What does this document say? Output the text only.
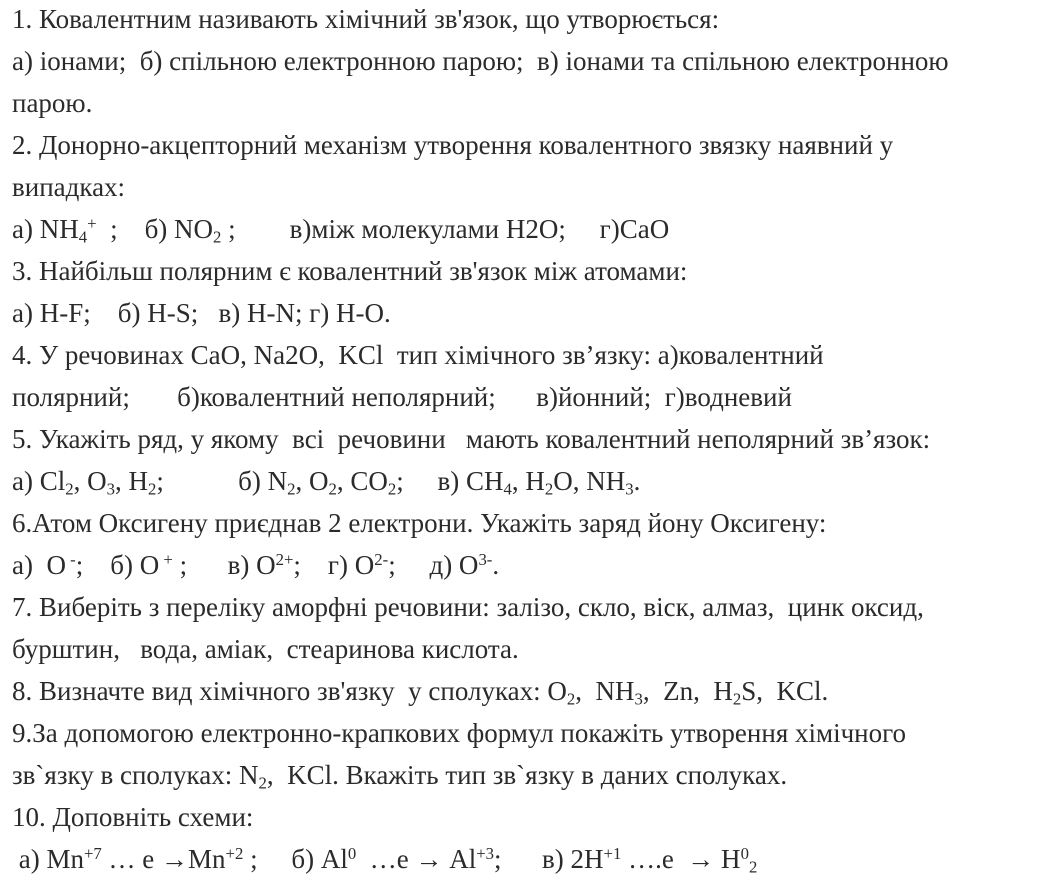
1. Ковалентним називають хімічний зв'язок, що утворюється:
а) іонами;  б) спільною електронною парою;  в) іонами та спільною електронною
парою.
2. Донорно-акцепторний механізм утворення ковалентного звязку наявний у
випадках:
а) $NH_4^+$  ;    б) $NO_2$ ;        в)між молекулами H2O;     г)CaO
3. Найбільш полярним є ковалентний зв'язок між атомами:
а) H-F;    б) H-S;   в) H-N; г) H-O.
4. У речовинах CaO, Na2O,  KCl  тип хімічного зв’язку: а)ковалентний
полярний;       б)ковалентний неполярний;      в)йонний;  г)водневий
5. Укажіть ряд, у якому  всі  речовини   мають ковалентний неполярний зв’язок:
а) $Cl_2$, $O_3$, $H_2$;           б) $N_2$, $O_2$, $CO_2$;     в) $CH_4$, $H_2O$, $NH_3$.
6.Атом Оксигену приєднав 2 електрони. Укажіть заряд йону Оксигену:
а)  O -;    б) O + ;      в) $O^{2+}$;    г) $O^{2-}$;     д) $O^{3-}$.
7. Виберіть з переліку аморфні речовини: залізо, скло, віск, алмаз,  цинк оксид,
бурштин,   вода, аміак,  стеаринова кислота.
8. Визначте вид хімічного зв'язку  у сполуках: $O_2$,  $NH_3$,  Zn,  $H_2S$,  KCl.
9.За допомогою електронно-крапкових формул покажіть утворення хімічного
зв`язку в сполуках: $N_2$,  KCl. Вкажіть тип зв`язку в даних сполуках.
10. Доповніть схеми:
а) $Mn^{+7}$ … $е \to Mn^{+2}$ ;     б) Al$^0$  …е → $Al^{+3}$;      в) $2H^{+1}$ ….е  → $H^0_2$
